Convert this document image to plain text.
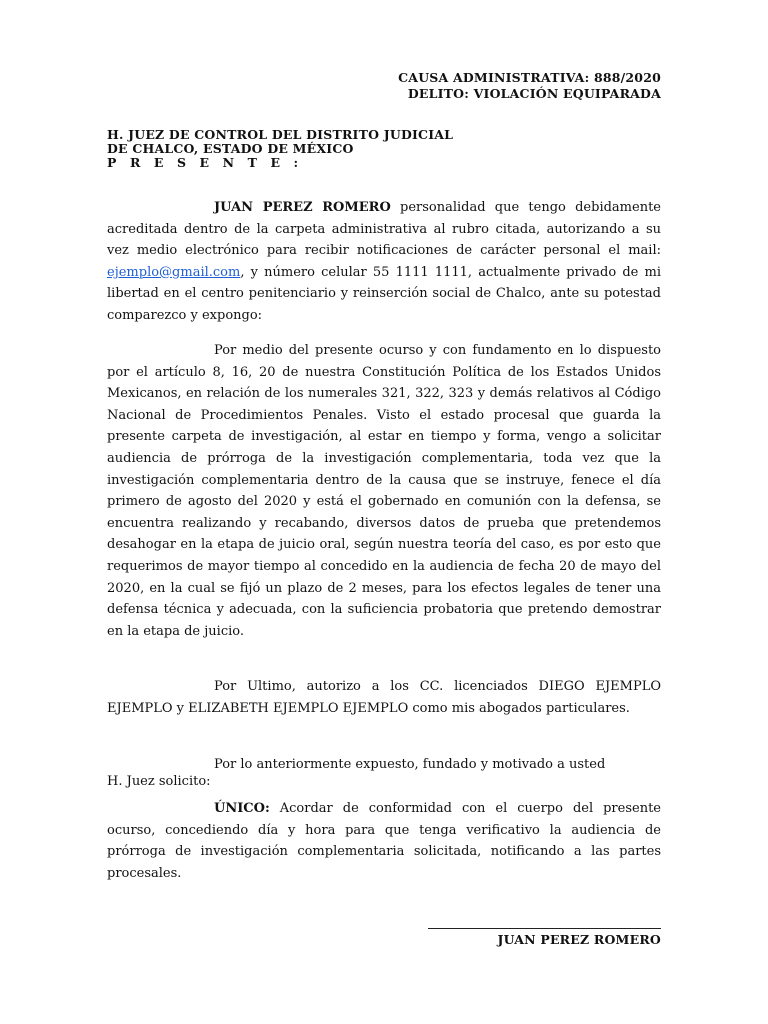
CAUSA ADMINISTRATIVA: 888/2020
DELITO: VIOLACIÓN EQUIPARADA
H. JUEZ DE CONTROL DEL DISTRITO JUDICIAL
DE CHALCO, ESTADO DE MÉXICO
P R E S E N T E :

JUAN PEREZ ROMERO personalidad que tengo debidamente acreditada dentro de la carpeta administrativa al rubro citada, autorizando a su vez medio electrónico para recibir notificaciones de carácter personal el mail: ejemplo@gmail.com, y número celular 55 1111 1111, actualmente privado de mi libertad en el centro penitenciario y reinserción social de Chalco, ante su potestad comparezco y expongo:

Por medio del presente ocurso y con fundamento en lo dispuesto por el artículo 8, 16, 20 de nuestra Constitución Política de los Estados Unidos Mexicanos, en relación de los numerales 321, 322, 323 y demás relativos al Código Nacional de Procedimientos Penales. Visto el estado procesal que guarda la presente carpeta de investigación, al estar en tiempo y forma, vengo a solicitar audiencia de prórroga de la investigación complementaria, toda vez que la investigación complementaria dentro de la causa que se instruye, fenece el día primero de agosto del 2020 y está el gobernado en comunión con la defensa, se encuentra realizando y recabando, diversos datos de prueba que pretendemos desahogar en la etapa de juicio oral, según nuestra teoría del caso, es por esto que requerimos de mayor tiempo al concedido en la audiencia de fecha 20 de mayo del 2020, en la cual se fijó un plazo de 2 meses, para los efectos legales de tener una defensa técnica y adecuada, con la suficiencia probatoria que pretendo demostrar en la etapa de juicio.

Por Ultimo, autorizo a los CC. licenciados DIEGO EJEMPLO EJEMPLO y ELIZABETH EJEMPLO EJEMPLO como mis abogados particulares.

Por lo anteriormente expuesto, fundado y motivado a usted
H. Juez solicito:

ÚNICO: Acordar de conformidad con el cuerpo del presente ocurso, concediendo día y hora para que tenga verificativo la audiencia de prórroga de investigación complementaria solicitada, notificando a las partes procesales.

JUAN PEREZ ROMERO
